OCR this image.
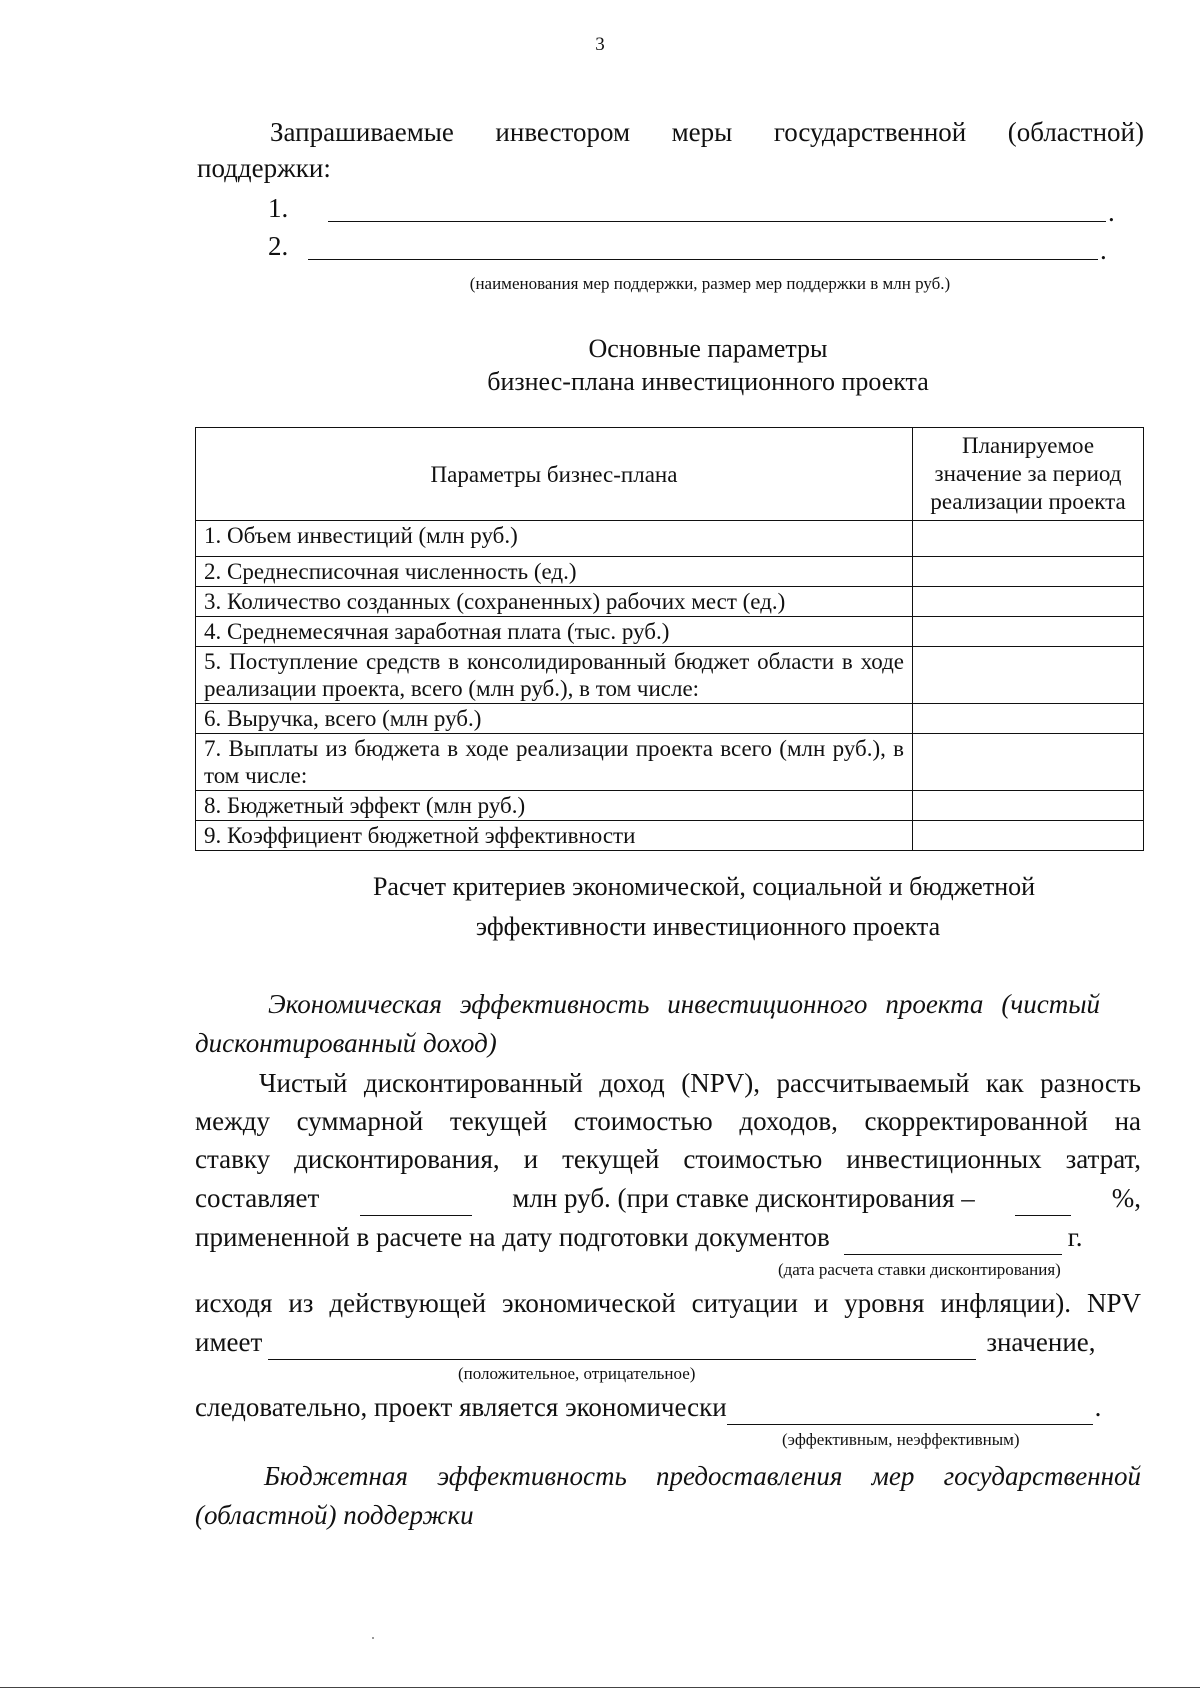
3
Запрашиваемые инвестором меры государственной (областной)
поддержки:
1.	.
2.	.
(наименования мер поддержки, размер мер поддержки в млн руб.)
Основные параметры
бизнес-плана инвестиционного проекта
Параметры бизнес-плана	Планируемое
значение за период
реализации проекта

1. Объем инвестиций (млн руб.)	
2. Среднесписочная численность (ед.)	
3. Количество созданных (сохраненных) рабочих мест (ед.)	
4. Среднемесячная заработная плата (тыс. руб.)	
5. Поступление средств в консолидированный бюджет области в ходе реализации проекта, всего (млн руб.), в том числе:	
6. Выручка, всего (млн руб.)	
7. Выплаты из бюджета в ходе реализации проекта всего (млн руб.), в том числе:	
8. Бюджетный эффект (млн руб.)	
9. Коэффициент бюджетной эффективности	
Расчет критериев экономической, социальной и бюджетной
эффективности инвестиционного проекта
Экономическая эффективность инвестиционного проекта (чистый
дисконтированный доход)
Чистый дисконтированный доход (NPV), рассчитываемый как разность
между суммарной текущей стоимостью доходов, скорректированной на
ставку дисконтирования, и текущей стоимостью инвестиционных затрат,
составляет	млн руб. (при ставке дисконтирования –	%,
примененной в расчете на дату подготовки документов	г.
(дата расчета ставки дисконтирования)
исходя из действующей экономической ситуации и уровня инфляции). NPV
имеет	значение,
(положительное, отрицательное)
следовательно, проект является экономически	.
(эффективным, неэффективным)
Бюджетная эффективность предоставления мер государственной
(областной) поддержки
